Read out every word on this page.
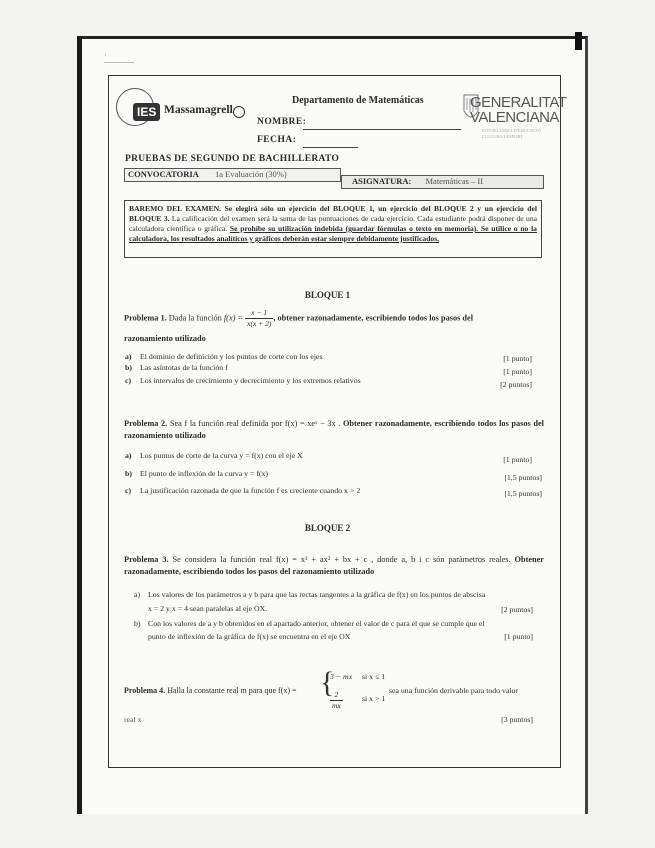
·
IES Massamagrell
Departamento de Matemáticas
NOMBRE:
FECHA:
GENERALITAT
VALENCIANA
CONSELLERIA D'EDUCACIÓ
CULTURA I ESPORT
PRUEBAS DE SEGUNDO DE BACHILLERATO
CONVOCATORIA 1a Evaluación (30%)
ASIGNATURA: Matemáticas – II
BAREMO DEL EXAMEN. Se elegirá sólo un ejercicio del BLOQUE 1, un ejercicio del BLOQUE 2 y un ejercicio del BLOQUE 3. La calificación del examen será la suma de las puntuaciones de cada ejercicio. Cada estudiante podrá disponer de una calculadora científica o gráfica. Se prohíbe su utilización indebida (guardar fórmulas o texto en memoria). Se utilice o no la calculadora, los resultados analíticos y gráficos deberán estar siempre debidamente justificados.
BLOQUE 1
Problema 1. Dada la función $f(x) = \frac{x - 1}{x(x + 2)}$ , obtener razonadamente, escribiendo todos los pasos del
razonamiento utilizado
a) El dominio de definición y los puntos de corte con los ejes	[1 punto]
b) Las asíntotas de la función f	[1 punto]
c) Los intervalos de crecimiento y decrecimiento y los extremos relativos	[2 puntos]
Problema 2. Sea f la función real definida por f(x) = xeˣ − 3x . Obtener razonadamente, escribiendo todos los pasos del razonamiento utilizado
a) Los puntos de corte de la curva y = f(x) con el eje X	[1 punto]
b) El punto de inflexión de la curva y = f(x)	[1,5 puntos]
c) La justificación razonada de que la función f es creciente cuando x > 2	[1,5 puntos]
BLOQUE 2
Problema 3. Se considera la función real f(x) = x³ + ax² + bx + c , donde a, b i c són paràmetros reales. Obtener razonadamente, escribiendo todos los pasos del razonamiento utilizado
a) Los valores de los parámetros a y b para que las rectas tangentes a la gráfica de f(x) en los puntos de abscisa
x = 2 y x = 4 sean paralelas al eje OX.	[2 puntos]
b) Con los valores de a y b obtenidos en el apartado anterior, obtener el valor de c para el que se cumple que el
punto de inflexión de la gráfica de f(x) se encuentra en el eje OX	[1 punto]
Problema 4. Halla la constante real m para que f(x) = {
3 − mx si x ≤ 1
$\frac{2}{mx}$ si x > 1
sea una función derivable para todo valor
real x	[3 puntos]
